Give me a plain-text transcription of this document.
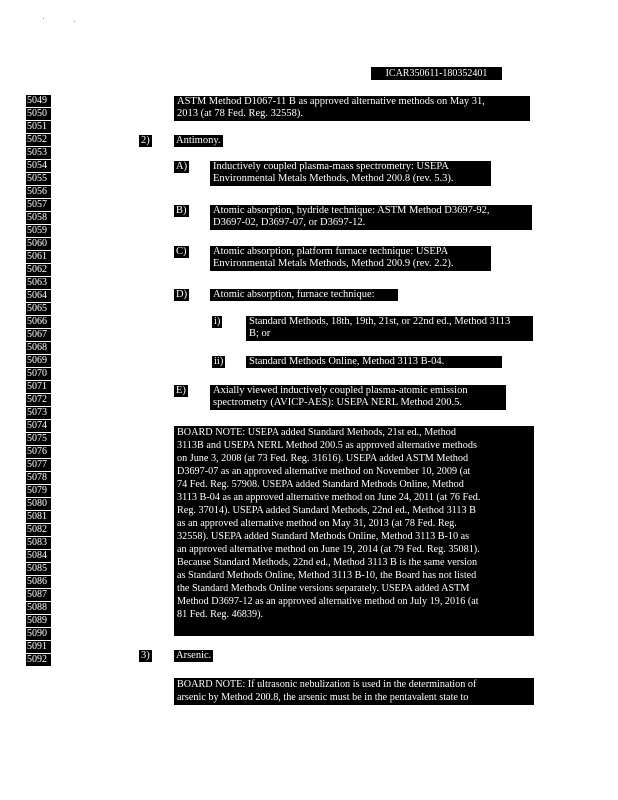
ICAR350611-180352401
5049
5050
5051
5052
5053
5054
5055
5056
5057
5058
5059
5060
5061
5062
5063
5064
5065
5066
5067
5068
5069
5070
5071
5072
5073
5074
5075
5076
5077
5078
5079
5080
5081
5082
5083
5084
5085
5086
5087
5088
5089
5090
5091
5092
ASTM Method D1067-11 B as approved alternative methods on May 31,
2013 (at 78 Fed. Reg. 32558).
2)	Antimony.
A) Inductively coupled plasma-mass spectrometry: USEPA
Environmental Metals Methods, Method 200.8 (rev. 5.3).
B)	Atomic absorption, hydride technique: ASTM Method D3697-92,
D3697-02, D3697-07, or D3697-12.
C)	Atomic absorption, platform furnace technique: USEPA
Environmental Metals Methods, Method 200.9 (rev. 2.2).
D) Atomic absorption, furnace technique:
i)	Standard Methods, 18th, 19th, 21st, or 22nd ed., Method 3113
B; or
ii) Standard Methods Online, Method 3113 B-04.
E)	Axially viewed inductively coupled plasma-atomic emission
spectrometry (AVICP-AES): USEPA NERL Method 200.5.
BOARD NOTE: USEPA added Standard Methods, 21st ed., Method
3113B and USEPA NERL Method 200.5 as approved alternative methods
on June 3, 2008 (at 73 Fed. Reg. 31616). USEPA added ASTM Method
D3697-07 as an approved alternative method on November 10, 2009 (at
74 Fed. Reg. 57908. USEPA added Standard Methods Online, Method
3113 B-04 as an approved alternative method on June 24, 2011 (at 76 Fed.
Reg. 37014). USEPA added Standard Methods, 22nd ed., Method 3113 B
as an approved alternative method on May 31, 2013 (at 78 Fed. Reg.
32558). USEPA added Standard Methods Online, Method 3113 B-10 as
an approved alternative method on June 19, 2014 (at 79 Fed. Reg. 35081).
Because Standard Methods, 22nd ed., Method 3113 B is the same version
as Standard Methods Online, Method 3113 B-10, the Board has not listed
the Standard Methods Online versions separately. USEPA added ASTM
Method D3697-12 as an approved alternative method on July 19, 2016 (at
81 Fed. Reg. 46839).
3)	Arsenic.
BOARD NOTE: If ultrasonic nebulization is used in the determination of
arsenic by Method 200.8, the arsenic must be in the pentavalent state to
